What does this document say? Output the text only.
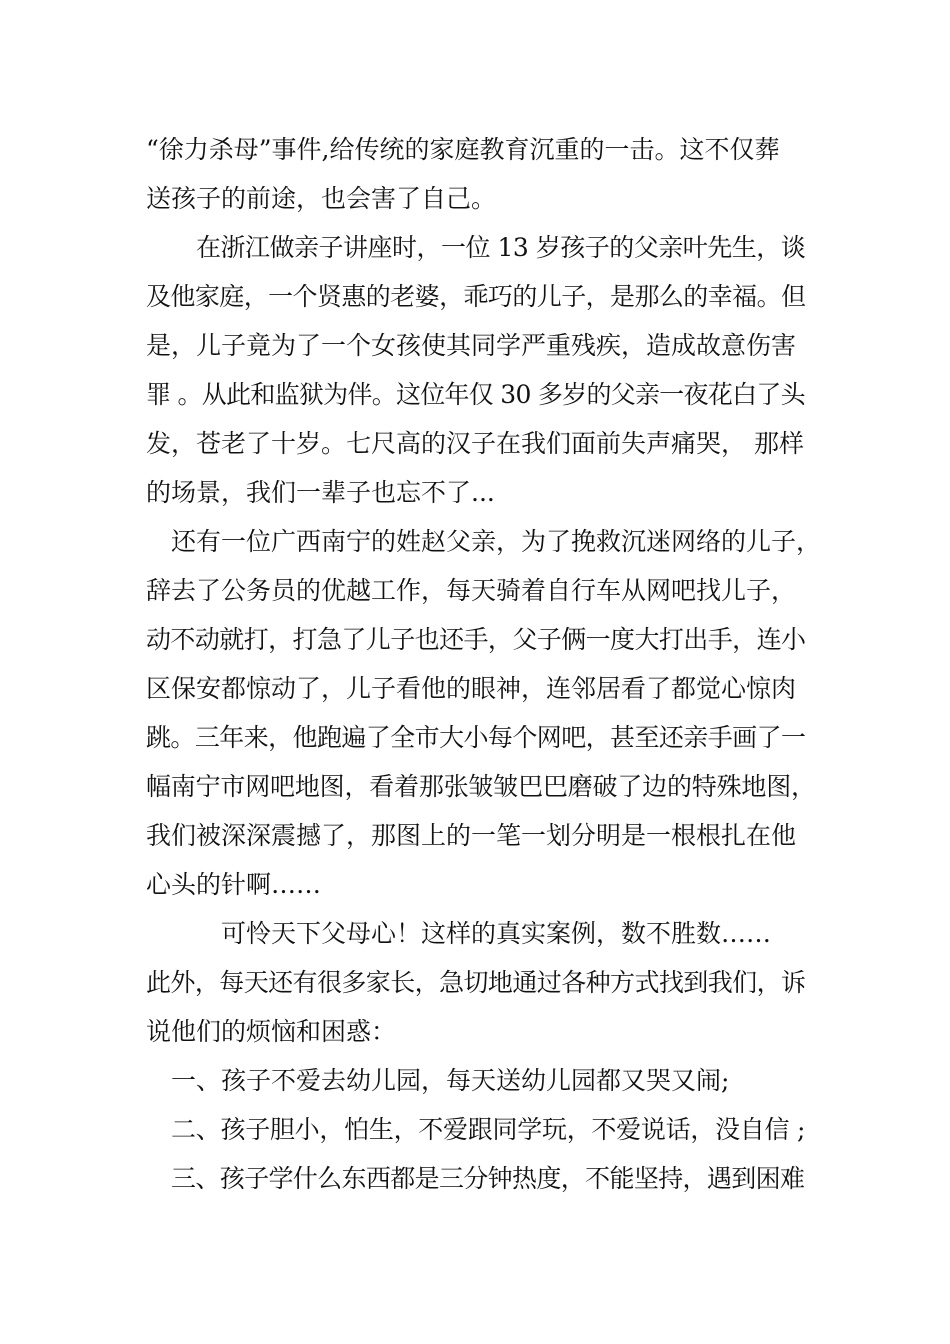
“徐力杀母”事件,给传统的家庭教育沉重的一击。这不仅葬
送孩子的前途，也会害了自己。
在浙江做亲子讲座时，一位 13 岁孩子的父亲叶先生，谈
及他家庭，一个贤惠的老婆，乖巧的儿子，是那么的幸福。但
是，儿子竟为了一个女孩使其同学严重残疾，造成故意伤害
罪 。从此和监狱为伴。这位年仅 30 多岁的父亲一夜花白了头
发，苍老了十岁。七尺高的汉子在我们面前失声痛哭， 那样
的场景，我们一辈子也忘不了...
还有一位广西南宁的姓赵父亲，为了挽救沉迷网络的儿子，
辞去了公务员的优越工作，每天骑着自行车从网吧找儿子，
动不动就打，打急了儿子也还手，父子俩一度大打出手，连小
区保安都惊动了，儿子看他的眼神，连邻居看了都觉心惊肉
跳。三年来，他跑遍了全市大小每个网吧，甚至还亲手画了一
幅南宁市网吧地图，看着那张皱皱巴巴磨破了边的特殊地图，
我们被深深震撼了，那图上的一笔一划分明是一根根扎在他
心头的针啊……
可怜天下父母心！这样的真实案例，数不胜数……
此外，每天还有很多家长，急切地通过各种方式找到我们，诉
说他们的烦恼和困惑：
一、孩子不爱去幼儿园，每天送幼儿园都又哭又闹;
二、孩子胆小，怕生，不爱跟同学玩，不爱说话，没自信 ;
三、孩子学什么东西都是三分钟热度，不能坚持，遇到困难
